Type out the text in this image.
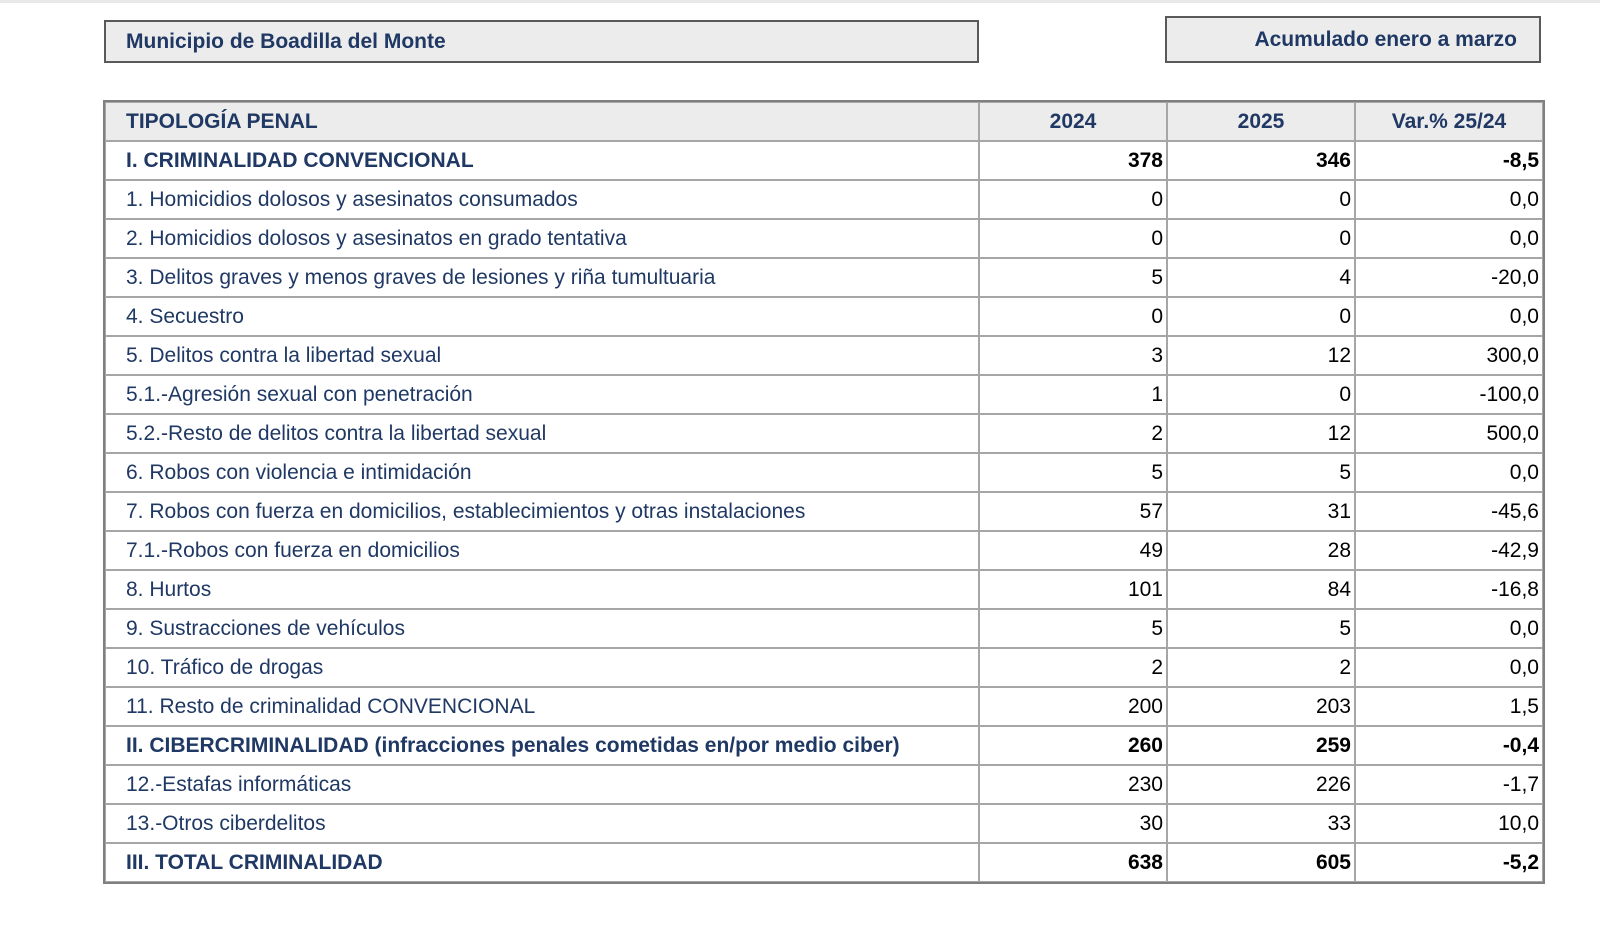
Municipio de Boadilla del Monte	Acumulado enero a marzo
TIPOLOGÍA PENAL	2024	2025	Var.% 25/24
I. CRIMINALIDAD CONVENCIONAL	378	346	-8,5
1. Homicidios dolosos y asesinatos consumados	0	0	0,0
2. Homicidios dolosos y asesinatos en grado tentativa	0	0	0,0
3. Delitos graves y menos graves de lesiones y riña tumultuaria	5	4	-20,0
4. Secuestro	0	0	0,0
5. Delitos contra la libertad sexual	3	12	300,0
5.1.-Agresión sexual con penetración	1	0	-100,0
5.2.-Resto de delitos contra la libertad sexual	2	12	500,0
6. Robos con violencia e intimidación	5	5	0,0
7. Robos con fuerza en domicilios, establecimientos y otras instalaciones	57	31	-45,6
7.1.-Robos con fuerza en domicilios	49	28	-42,9
8. Hurtos	101	84	-16,8
9. Sustracciones de vehículos	5	5	0,0
10. Tráfico de drogas	2	2	0,0
11. Resto de criminalidad CONVENCIONAL	200	203	1,5
II. CIBERCRIMINALIDAD (infracciones penales cometidas en/por medio ciber)	260	259	-0,4
12.-Estafas informáticas	230	226	-1,7
13.-Otros ciberdelitos	30	33	10,0
III. TOTAL CRIMINALIDAD	638	605	-5,2
